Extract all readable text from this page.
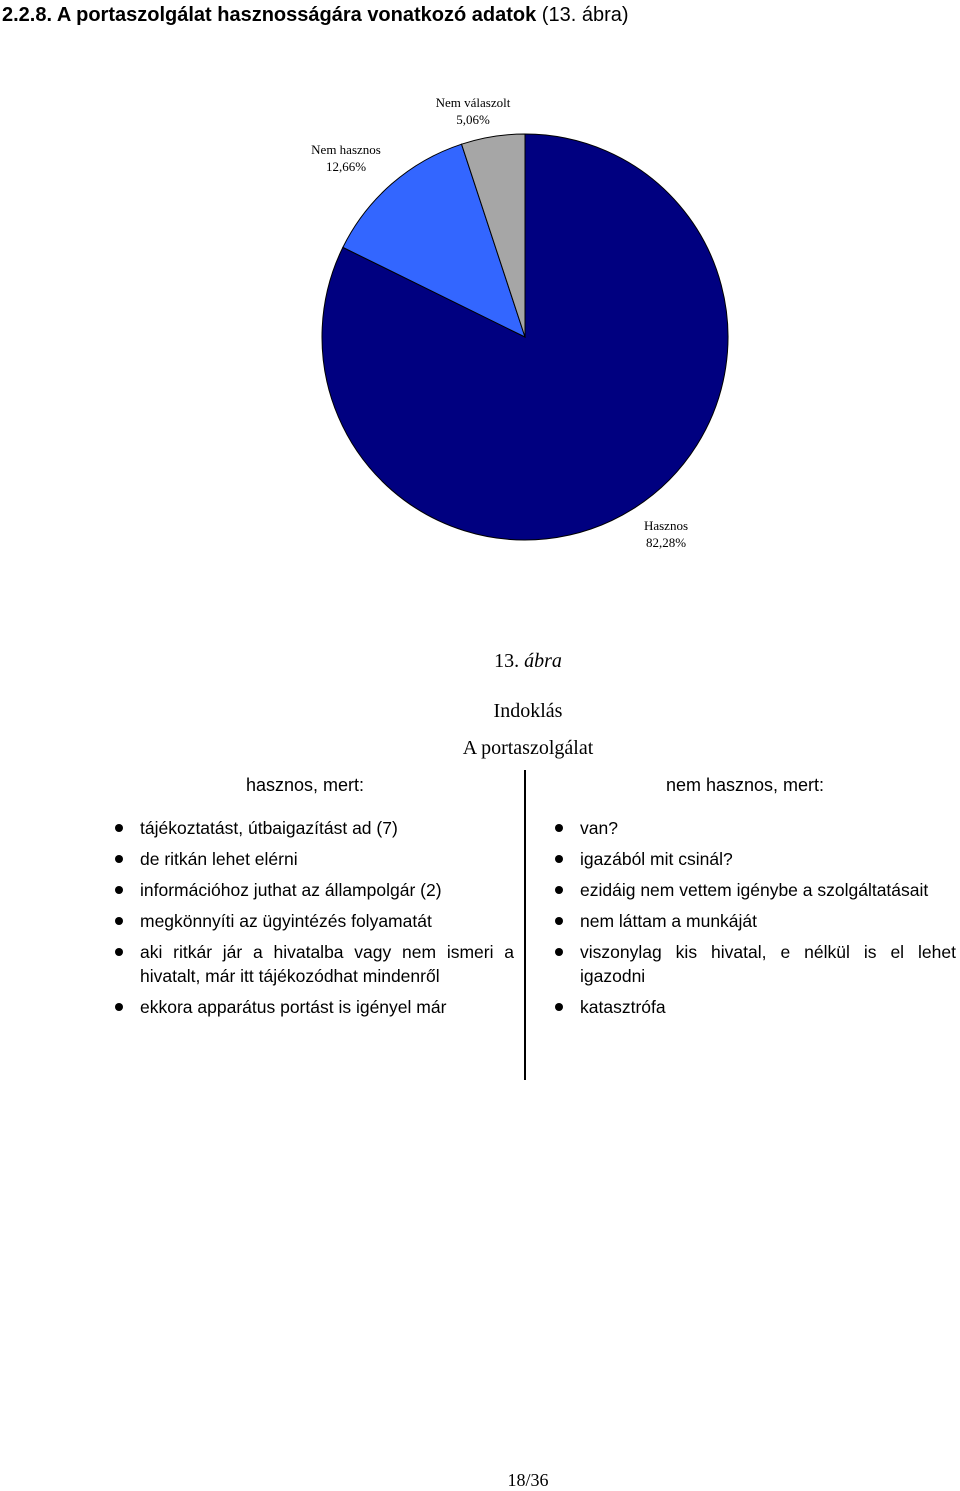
2.2.8. A portaszolgálat hasznosságára vonatkozó adatok (13. ábra)
Hasznos
82,28%
Nem hasznos
12,66%
Nem válaszolt
5,06%
13. ábra
Indoklás
A portaszolgálat
hasznos, mert:	nem hasznos, mert:
tájékoztatást, útbaigazítást ad (7)
de ritkán lehet elérni
információhoz juthat az állampolgár (2)
megkönnyíti az ügyintézés folyamatát
aki ritkár jár a hivatalba vagy nem ismeri a hivatalt, már itt tájékozódhat mindenről
ekkora apparátus portást is igényel már
van?
igazából mit csinál?
ezidáig nem vettem igénybe a szolgáltatásait
nem láttam a munkáját
viszonylag kis hivatal, e nélkül is el lehet igazodni
katasztrófa
18/36
